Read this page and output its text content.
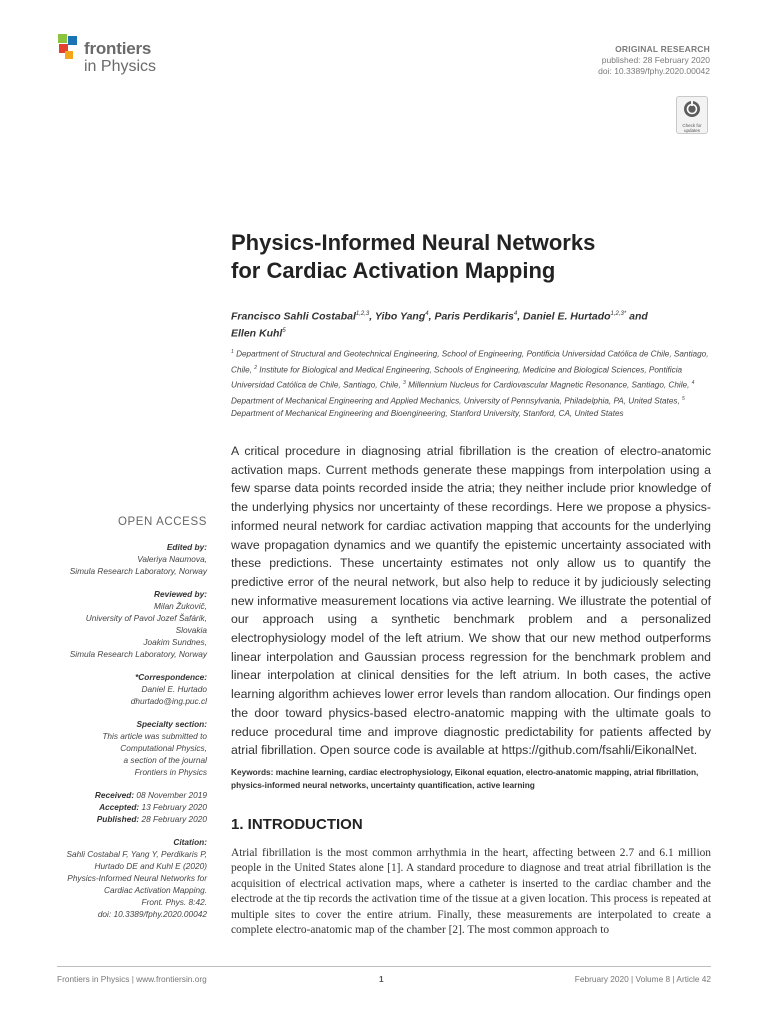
frontiers
in Physics
ORIGINAL RESEARCH
published: 28 February 2020
doi: 10.3389/fphy.2020.00042
Check for
updates
Physics-Informed Neural Networks
for Cardiac Activation Mapping
Francisco Sahli Costabal$^{1,2,3}$, Yibo Yang$^4$, Paris Perdikaris$^4$, Daniel E. Hurtado$^{1,2,3*}$ and
Ellen Kuhl$^5$
$^1$ Department of Structural and Geotechnical Engineering, School of Engineering, Pontificia Universidad Católica de Chile, Santiago, Chile, $^2$ Institute for Biological and Medical Engineering, Schools of Engineering, Medicine and Biological Sciences, Pontificia Universidad Católica de Chile, Santiago, Chile, $^3$ Millennium Nucleus for Cardiovascular Magnetic Resonance, Santiago, Chile, $^4$ Department of Mechanical Engineering and Applied Mechanics, University of Pennsylvania, Philadelphia, PA, United States, $^5$ Department of Mechanical Engineering and Bioengineering, Stanford University, Stanford, CA, United States
A critical procedure in diagnosing atrial fibrillation is the creation of electro-anatomic activation maps. Current methods generate these mappings from interpolation using a few sparse data points recorded inside the atria; they neither include prior knowledge of the underlying physics nor uncertainty of these recordings. Here we propose a physics-informed neural network for cardiac activation mapping that accounts for the underlying wave propagation dynamics and we quantify the epistemic uncertainty associated with these predictions. These uncertainty estimates not only allow us to quantify the predictive error of the neural network, but also help to reduce it by judiciously selecting new informative measurement locations via active learning. We illustrate the potential of our approach using a synthetic benchmark problem and a personalized electrophysiology model of the left atrium. We show that our new method outperforms linear interpolation and Gaussian process regression for the benchmark problem and linear interpolation at clinical densities for the left atrium. In both cases, the active learning algorithm achieves lower error levels than random allocation. Our findings open the door toward physics-based electro-anatomic mapping with the ultimate goals to reduce procedural time and improve diagnostic predictability for patients affected by atrial fibrillation. Open source code is available at https://github.com/fsahli/EikonalNet.
Keywords: machine learning, cardiac electrophysiology, Eikonal equation, electro-anatomic mapping, atrial fibrillation, physics-informed neural networks, uncertainty quantification, active learning
1. INTRODUCTION
Atrial fibrillation is the most common arrhythmia in the heart, affecting between 2.7 and 6.1 million people in the United States alone [1]. A standard procedure to diagnose and treat atrial fibrillation is the acquisition of electrical activation maps, where a catheter is inserted to the cardiac chamber and the electrode at the tip records the activation time of the tissue at a given location. This process is repeated at multiple sites to cover the entire atrium. Finally, these measurements are interpolated to create a complete electro-anatomic map of the chamber [2]. The most common approach to
OPEN ACCESS
Edited by:
Valeriya Naumova,
Simula Research Laboratory, Norway
Reviewed by:
Milan Žukovič,
University of Pavol Jozef Šafárik,
Slovakia
Joakim Sundnes,
Simula Research Laboratory, Norway
*Correspondence:
Daniel E. Hurtado
dhurtado@ing.puc.cl
Specialty section:
This article was submitted to
Computational Physics,
a section of the journal
Frontiers in Physics
Received: 08 November 2019
Accepted: 13 February 2020
Published: 28 February 2020
Citation:
Sahli Costabal F, Yang Y, Perdikaris P,
Hurtado DE and Kuhl E (2020)
Physics-Informed Neural Networks for
Cardiac Activation Mapping.
Front. Phys. 8:42.
doi: 10.3389/fphy.2020.00042
Frontiers in Physics | www.frontiersin.org	1	February 2020 | Volume 8 | Article 42
